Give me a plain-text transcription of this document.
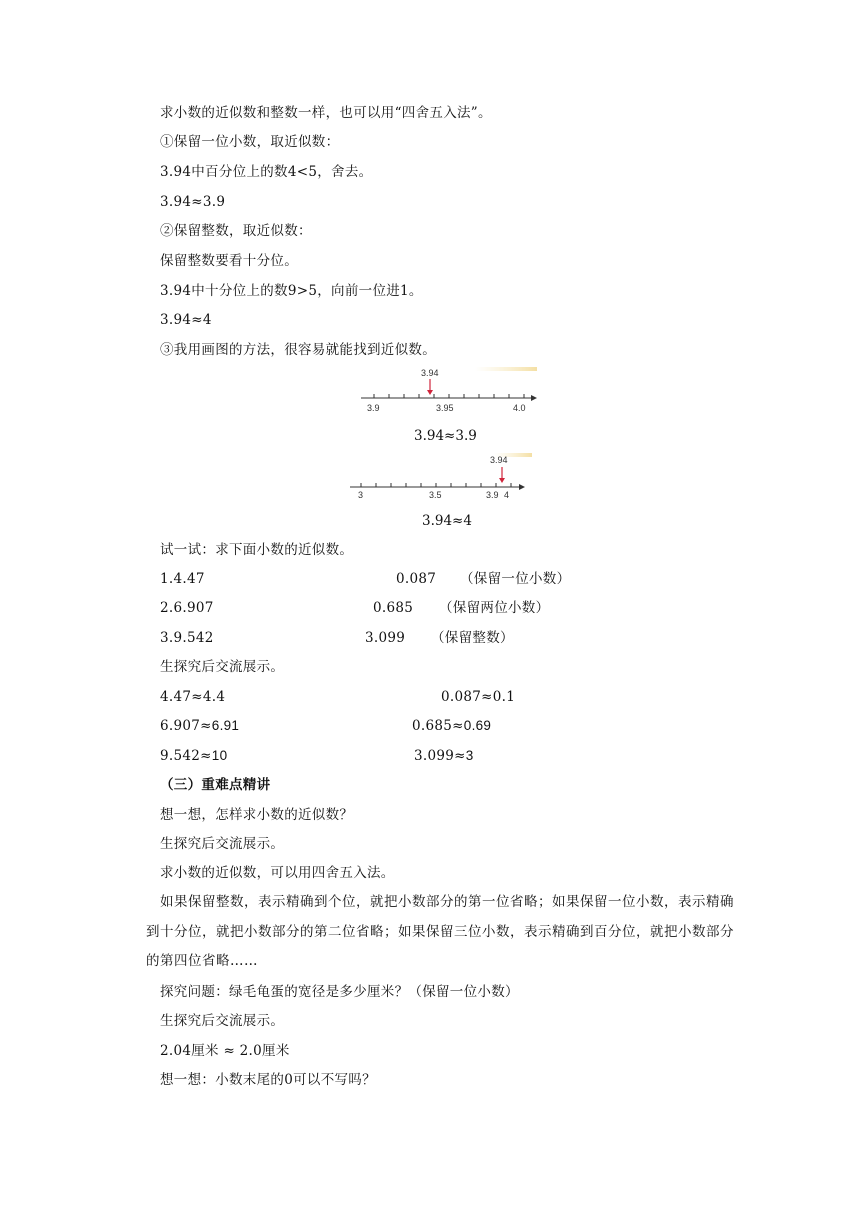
求小数的近似数和整数一样，也可以用“四舍五入法”。
①保留一位小数，取近似数：
3.94中百分位上的数4<5，舍去。
3.94≈3.9
②保留整数，取近似数：
保留整数要看十分位。
3.94中十分位上的数9>5，向前一位进1。
3.94≈4
③我用画图的方法，很容易就能找到近似数。
3.94
3.9	3.95	4.0
3.94≈3.9
3.94
3	3.5	3.9 4
3.94≈4
试一试：求下面小数的近似数。
1.4.47	0.087 （保留一位小数）
2.6.907	0.685 （保留两位小数）
3.9.542	3.099 （保留整数）
生探究后交流展示。
4.47≈4.4	0.087≈0.1
6.907≈6.91	0.685≈0.69
9.542≈10	3.099≈3
（三）重难点精讲
想一想，怎样求小数的近似数？
生探究后交流展示。
求小数的近似数，可以用四舍五入法。
如果保留整数，表示精确到个位，就把小数部分的第一位省略；如果保留一位小数，表示精确到十分位，就把小数部分的第二位省略；如果保留三位小数，表示精确到百分位，就把小数部分的第四位省略……
探究问题：绿毛龟蛋的宽径是多少厘米？（保留一位小数）
生探究后交流展示。
2.04厘米 ≈ 2.0厘米
想一想：小数末尾的0可以不写吗？
